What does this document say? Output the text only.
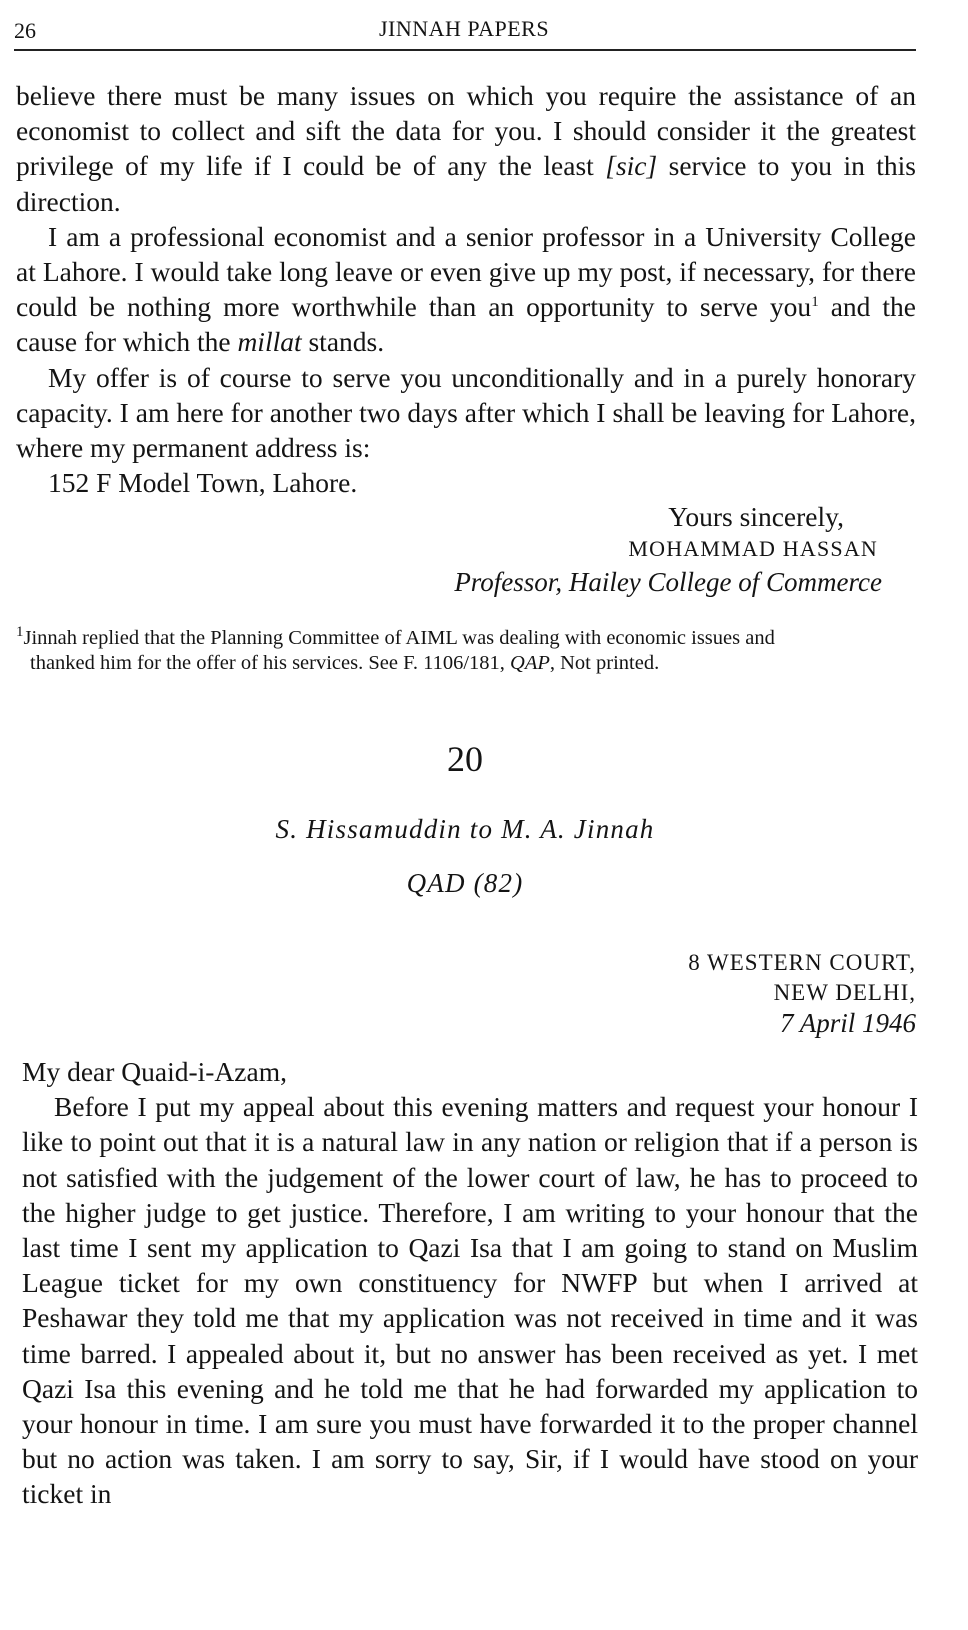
26	JINNAH PAPERS

believe there must be many issues on which you require the assistance of an economist to collect and sift the data for you. I should consider it the greatest privilege of my life if I could be of any the least [sic] service to you in this direction.

I am a professional economist and a senior professor in a University College at Lahore. I would take long leave or even give up my post, if necessary, for there could be nothing more worthwhile than an opportunity to serve you$^1$ and the cause for which the millat stands.

My offer is of course to serve you unconditionally and in a purely honorary capacity. I am here for another two days after which I shall be leaving for Lahore, where my permanent address is:

152 F Model Town, Lahore.

Yours sincerely,
MOHAMMAD HASSAN
Professor, Hailey College of Commerce

$^1$Jinnah replied that the Planning Committee of AIML was dealing with economic issues and

thanked him for the offer of his services. See F. 1106/181, QAP, Not printed.

20
S. Hissamuddin to M. A. Jinnah
QAD (82)
8 WESTERN COURT,
NEW DELHI,
7 April 1946

My dear Quaid-i-Azam,

Before I put my appeal about this evening matters and request your honour I like to point out that it is a natural law in any nation or religion that if a person is not satisfied with the judgement of the lower court of law, he has to proceed to the higher judge to get justice. Therefore, I am writing to your honour that the last time I sent my application to Qazi Isa that I am going to stand on Muslim League ticket for my own constituency for NWFP but when I arrived at Peshawar they told me that my application was not received in time and it was time barred. I appealed about it, but no answer has been received as yet. I met Qazi Isa this evening and he told me that he had forwarded my application to your honour in time. I am sure you must have forwarded it to the proper channel but no action was taken. I am sorry to say, Sir, if I would have stood on your ticket in
